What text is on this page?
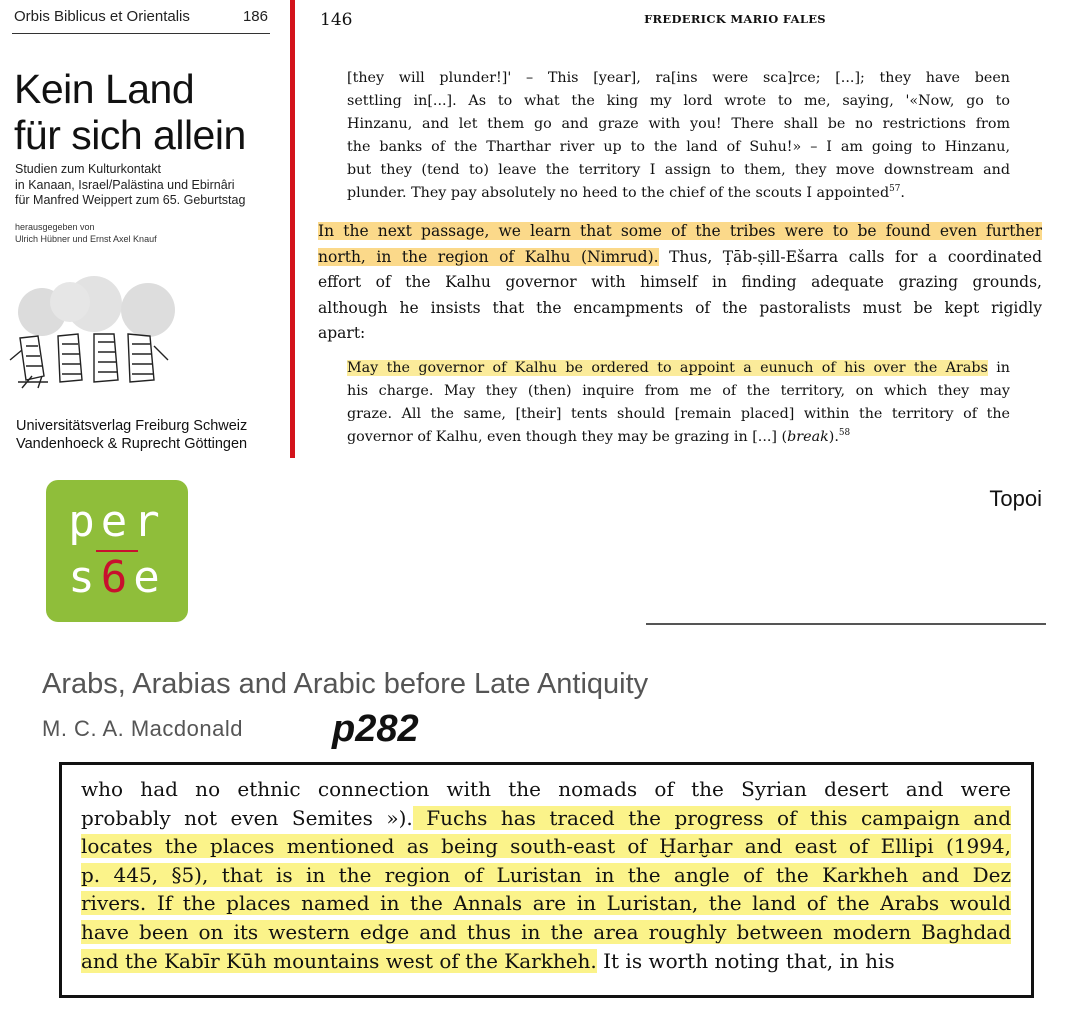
Orbis Biblicus et Orientalis	186
Kein Land
für sich allein
Studien zum Kulturkontakt
in Kanaan, Israel/Palästina und Ebirnâri
für Manfred Weippert zum 65. Geburtstag
herausgegeben von
Ulrich Hübner und Ernst Axel Knauf
Universitätsverlag Freiburg Schweiz
Vandenhoeck & Ruprecht Göttingen
146	FREDERICK MARIO FALES
[they will plunder!]' – This [year], ra[ins were sca]rce; [...]; they have been
settling in[...]. As to what the king my lord wrote to me, saying, '«Now, go to
Hinzanu, and let them go and graze with you! There shall be no restrictions from
the banks of the Tharthar river up to the land of Suhu!» – I am going to Hinzanu,
but they (tend to) leave the territory I assign to them, they move downstream and
plunder. They pay absolutely no heed to the chief of the scouts I appointed$^{57}$.
In the next passage, we learn that some of the tribes were to be found even further
north, in the region of Kalhu (Nimrud). Thus, Ṭāb-ṣill-Ešarra calls for a coordinated
effort of the Kalhu governor with himself in finding adequate grazing grounds,
although he insists that the encampments of the pastoralists must be kept rigidly
apart:
May the governor of Kalhu be ordered to appoint a eunuch of his over the Arabs in
his charge. May they (then) inquire from me of the territory, on which they may
graze. All the same, [their] tents should [remain placed] within the territory of the
governor of Kalhu, even though they may be grazing in [...] (break).$^{58}$
per
s6e
Topoi
Arabs, Arabias and Arabic before Late Antiquity
M. C. A. Macdonald p282
who had no ethnic connection with the nomads of the Syrian desert and were
probably not even Semites »). Fuchs has traced the progress of this campaign and
locates the places mentioned as being south-east of Ḫarḫar and east of Ellipi (1994,
p. 445, §5), that is in the region of Luristan in the angle of the Karkheh and Dez
rivers. If the places named in the Annals are in Luristan, the land of the Arabs would
have been on its western edge and thus in the area roughly between modern Baghdad
and the Kabīr Kūh mountains west of the Karkheh. It is worth noting that, in his
